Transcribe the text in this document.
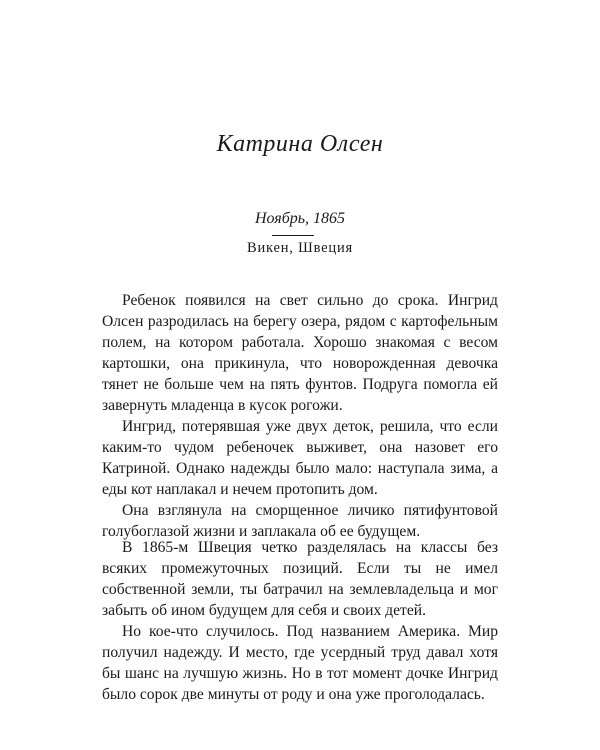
Катрина Олсен
Ноябрь, 1865
Викен, Швеция

Ребенок появился на свет сильно до срока. Ингрид Олсен разродилась на берегу озера, рядом с картофельным полем, на котором работала. Хорошо знакомая с весом картошки, она прикинула, что новорожденная девочка тянет не больше чем на пять фунтов. Подруга помогла ей завернуть младенца в кусок рогожи.

Ингрид, потерявшая уже двух деток, решила, что если каким-то чудом ребеночек выживет, она назовет его Катриной. Однако надежды было мало: наступала зима, а еды кот наплакал и нечем протопить дом.

Она взглянула на сморщенное личико пятифунтовой голубоглазой жизни и заплакала об ее будущем.

В 1865-м Швеция четко разделялась на классы без всяких промежуточных позиций. Если ты не имел собственной земли, ты батрачил на землевладельца и мог забыть об ином будущем для себя и своих детей.

Но кое-что случилось. Под названием Америка. Мир получил надежду. И место, где усердный труд давал хотя бы шанс на лучшую жизнь. Но в тот момент дочке Ингрид было сорок две минуты от роду и она уже проголодалась.
